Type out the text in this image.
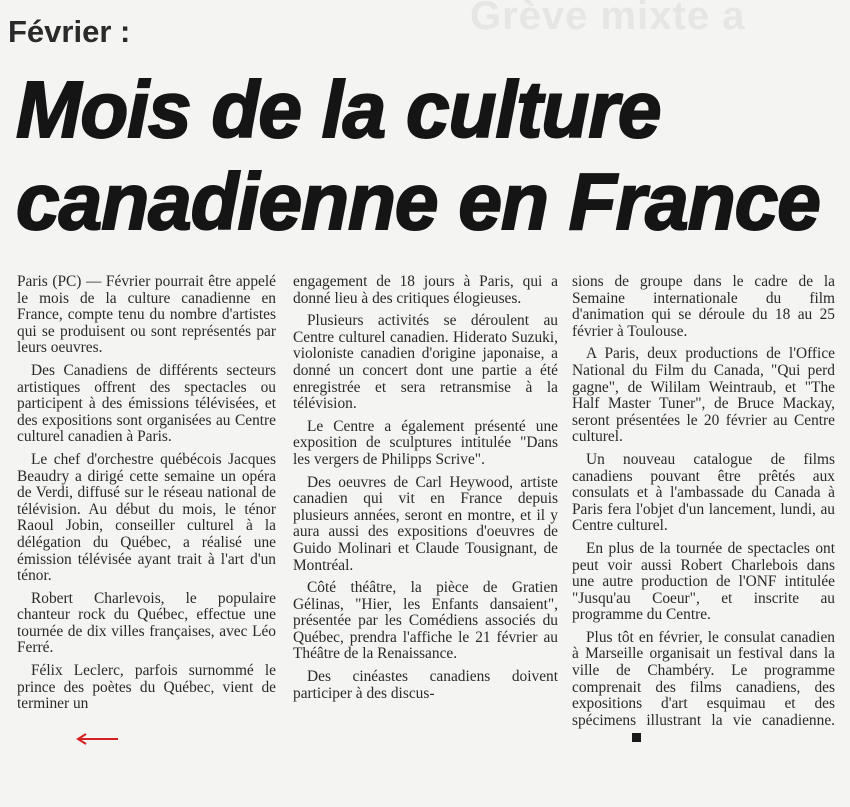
Grève mixte a
Février :
Mois de la culture
canadienne en France

Paris (PC) — Février pourrait être appelé le mois de la culture canadienne en France, compte tenu du nombre d'artistes qui se produisent ou sont représentés par leurs oeuvres.

Des Canadiens de différents secteurs artistiques offrent des spectacles ou participent à des émissions télévisées, et des expositions sont organisées au Centre culturel canadien à Paris.

Le chef d'orchestre québécois Jacques Beaudry a dirigé cette semaine un opéra de Verdi, diffusé sur le réseau national de télévision. Au début du mois, le ténor Raoul Jobin, conseiller culturel à la délégation du Québec, a réalisé une émission télévisée ayant trait à l'art d'un ténor.

Robert Charlevois, le populaire chanteur rock du Québec, effectue une tournée de dix villes françaises, avec Léo Ferré.

Félix Leclerc, parfois surnommé le prince des poètes du Québec, vient de terminer un

engagement de 18 jours à Paris, qui a donné lieu à des critiques élogieuses.

Plusieurs activités se déroulent au Centre culturel canadien. Hiderato Suzuki, violoniste canadien d'origine japonaise, a donné un concert dont une partie a été enregistrée et sera retransmise à la télévision.

Le Centre a également présenté une exposition de sculptures intitulée "Dans les vergers de Philipps Scrive".

Des oeuvres de Carl Heywood, artiste canadien qui vit en France depuis plusieurs années, seront en montre, et il y aura aussi des expositions d'oeuvres de Guido Molinari et Claude Tousignant, de Montréal.

Côté théâtre, la pièce de Gratien Gélinas, "Hier, les Enfants dansaient", présentée par les Comédiens associés du Québec, prendra l'affiche le 21 février au Théâtre de la Renaissance.

Des cinéastes canadiens doivent participer à des discus-

sions de groupe dans le cadre de la Semaine internationale du film d'animation qui se déroule du 18 au 25 février à Toulouse.

A Paris, deux productions de l'Office National du Film du Canada, "Qui perd gagne", de Wililam Weintraub, et "The Half Master Tuner", de Bruce Mackay, seront présentées le 20 février au Centre culturel.

Un nouveau catalogue de films canadiens pouvant être prêtés aux consulats et à l'ambassade du Canada à Paris fera l'objet d'un lancement, lundi, au Centre culturel.

En plus de la tournée de spectacles ont peut voir aussi Robert Charlebois dans une autre production de l'ONF intitulée "Jusqu'au Coeur", et inscrite au programme du Centre.

Plus tôt en février, le consulat canadien à Marseille organisait un festival dans la ville de Chambéry. Le programme comprenait des films canadiens, des expositions d'art esquimau et des spécimens illustrant la vie canadienne.
